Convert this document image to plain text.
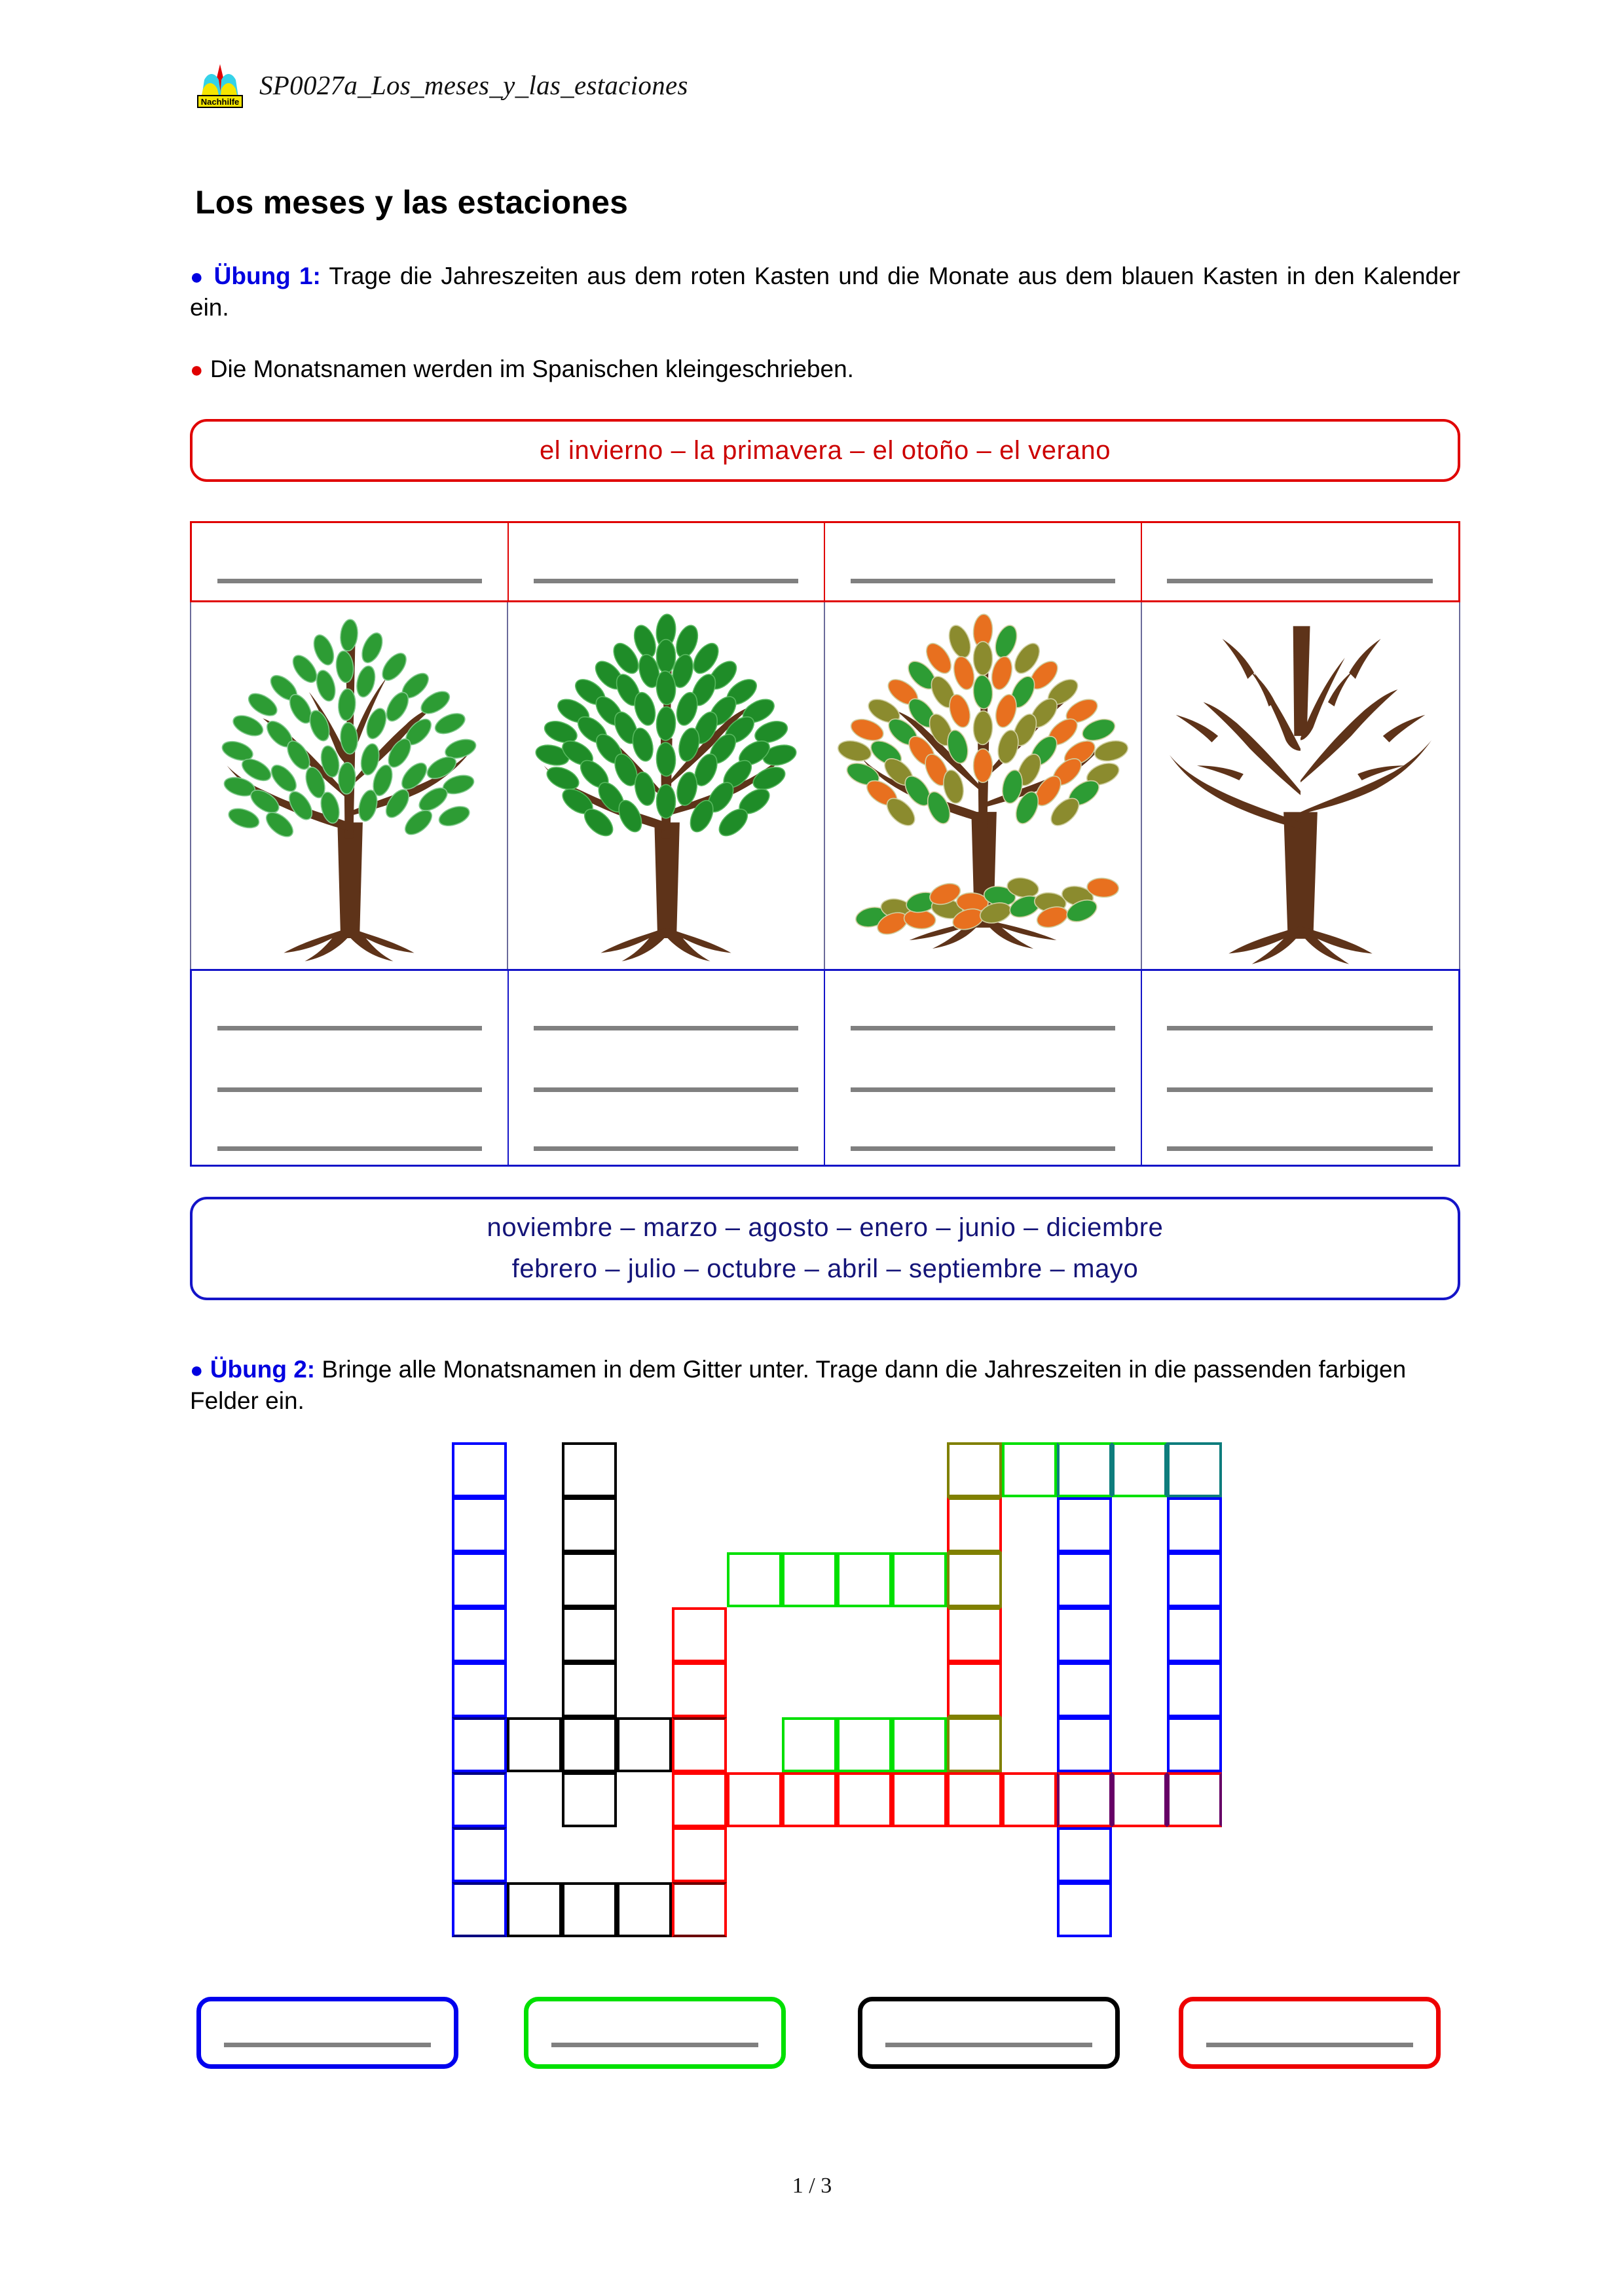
Nachhilfe
SP0027a_Los_meses_y_las_estaciones
Los meses y las estaciones
● Übung 1: Trage die Jahreszeiten aus dem roten Kasten und die Monate aus dem blauen Kasten in den Kalender ein.
● Die Monatsnamen werden im Spanischen kleingeschrieben.
el invierno – la primavera – el otoño – el verano
noviembre – marzo – agosto – enero – junio – diciembre
febrero – julio – octubre – abril – septiembre – mayo
● Übung 2: Bringe alle Monatsnamen in dem Gitter unter. Trage dann die Jahreszeiten in die passenden farbigen Felder ein.
1 / 3
